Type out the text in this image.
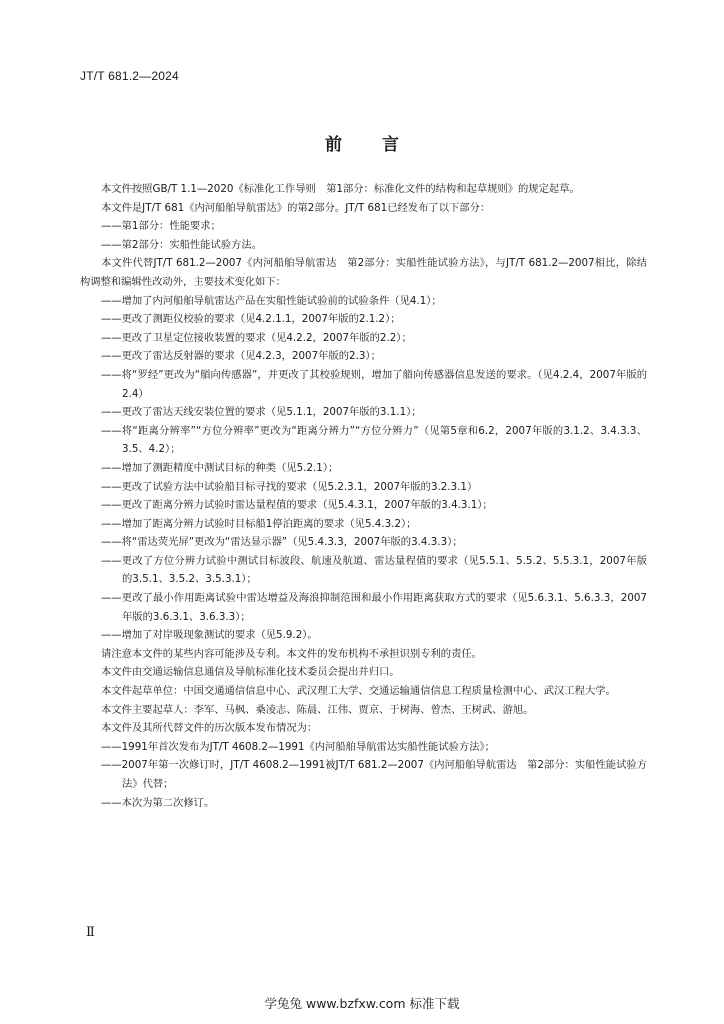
JT/T 681.2—2024
前言

本文件按照GB/T 1.1—2020《标准化工作导则　第1部分：标准化文件的结构和起草规则》的规定起草。

本文件是JT/T 681《内河船舶导航雷达》的第2部分。JT/T 681已经发布了以下部分：

——第1部分：性能要求；

——第2部分：实船性能试验方法。

本文件代替JT/T 681.2—2007《内河船舶导航雷达　第2部分：实船性能试验方法》，与JT/T 681.2—2007相比，除结构调整和编辑性改动外，主要技术变化如下：

——增加了内河船舶导航雷达产品在实船性能试验前的试验条件（见4.1）；

——更改了测距仪校验的要求（见4.2.1.1，2007年版的2.1.2）；

——更改了卫星定位接收装置的要求（见4.2.2，2007年版的2.2）；

——更改了雷达反射器的要求（见4.2.3，2007年版的2.3）；

——将“罗经”更改为“艏向传感器”，并更改了其校验规则，增加了艏向传感器信息发送的要求。（见4.2.4，2007年版的2.4）

——更改了雷达天线安装位置的要求（见5.1.1，2007年版的3.1.1）；

——将“距离分辨率”“方位分辨率”更改为“距离分辨力”“方位分辨力”（见第5章和6.2，2007年版的3.1.2、3.4.3.3、3.5、4.2）；

——增加了测距精度中测试目标的种类（见5.2.1）；

——更改了试验方法中试验船目标寻找的要求（见5.2.3.1，2007年版的3.2.3.1）

——更改了距离分辨力试验时雷达量程值的要求（见5.4.3.1，2007年版的3.4.3.1）；

——增加了距离分辨力试验时目标船1停泊距离的要求（见5.4.3.2）；

——将“雷达荧光屏”更改为“雷达显示器”（见5.4.3.3，2007年版的3.4.3.3）；

——更改了方位分辨力试验中测试目标波段、航速及航道、雷达量程值的要求（见5.5.1、5.5.2、5.5.3.1，2007年版的3.5.1、3.5.2、3.5.3.1）；

——更改了最小作用距离试验中雷达增益及海浪抑制范围和最小作用距离获取方式的要求（见5.6.3.1、5.6.3.3，2007年版的3.6.3.1、3.6.3.3）；

——增加了对岸吸现象测试的要求（见5.9.2）。

请注意本文件的某些内容可能涉及专利。本文件的发布机构不承担识别专利的责任。

本文件由交通运输信息通信及导航标准化技术委员会提出并归口。

本文件起草单位：中国交通通信信息中心、武汉理工大学、交通运输通信信息工程质量检测中心、武汉工程大学。

本文件主要起草人：李军、马枫、桑凌志、陈晨、江伟、贾京、于树海、曾杰、王树武、游旭。

本文件及其所代替文件的历次版本发布情况为：

——1991年首次发布为JT/T 4608.2—1991《内河船舶导航雷达实船性能试验方法》；

——2007年第一次修订时，JT/T 4608.2—1991被JT/T 681.2—2007《内河船舶导航雷达　第2部分：实船性能试验方法》代替；

——本次为第二次修订。

Ⅱ
学兔兔 www.bzfxw.com 标准下载
